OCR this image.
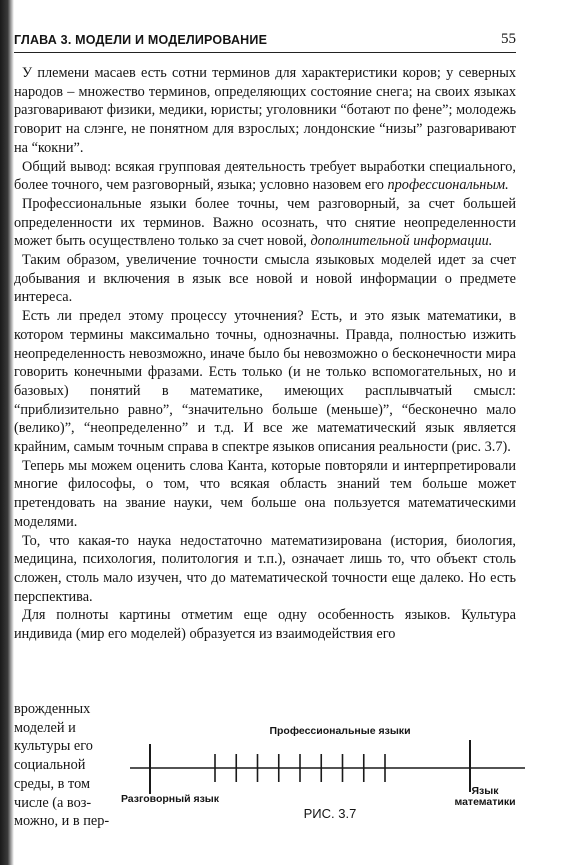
ГЛАВА 3. МОДЕЛИ И МОДЕЛИРОВАНИЕ	55

У племени масаев есть сотни терминов для характеристики коров; у северных народов – множество терминов, определяющих состояние снега; на своих языках разговаривают физики, медики, юристы; уголовники “ботают по фене”; молодежь говорит на слэнге, не понятном для взрослых; лондонские “низы” разговаривают на “кокни”.

Общий вывод: всякая групповая деятельность требует выработки специального, более точного, чем разговорный, языка; условно назовем его профессиональным.

Профессиональные языки более точны, чем разговорный, за счет большей определенности их терминов. Важно осознать, что снятие неопределенности может быть осуществлено только за счет новой, дополнительной информации.

Таким образом, увеличение точности смысла языковых моделей идет за счет добывания и включения в язык все новой и новой информации о предмете интереса.

Есть ли предел этому процессу уточнения? Есть, и это язык математики, в котором термины максимально точны, однозначны. Правда, полностью изжить неопределенность невозможно, иначе было бы невозможно о бесконечности мира говорить конечными фразами. Есть только (и не только вспомогательных, но и базовых) понятий в математике, имеющих расплывчатый смысл: “приблизительно равно”, “значительно больше (меньше)”, “бесконечно мало (велико)”, “неопределенно” и т.д. И все же математический язык является крайним, самым точным справа в спектре языков описания реальности (рис. 3.7).

Теперь мы можем оценить слова Канта, которые повторяли и интерпретировали многие философы, о том, что всякая область знаний тем больше может претендовать на звание науки, чем больше она пользуется математическими моделями.

То, что какая-то наука недостаточно математизирована (история, биология, медицина, психология, политология и т.п.), означает лишь то, что объект столь сложен, столь мало изучен, что до математической точности еще далеко. Но есть перспектива.

Для полноты картины отметим еще одну особенность языков. Культура индивида (мир его моделей) образуется из взаимодействия его

врожденных
моделей и
культуры его
социальной
среды, в том
числе (а воз-
можно, и в пер-
Профессиональные языки
Разговорный язык
Язык математики
РИС. 3.7
